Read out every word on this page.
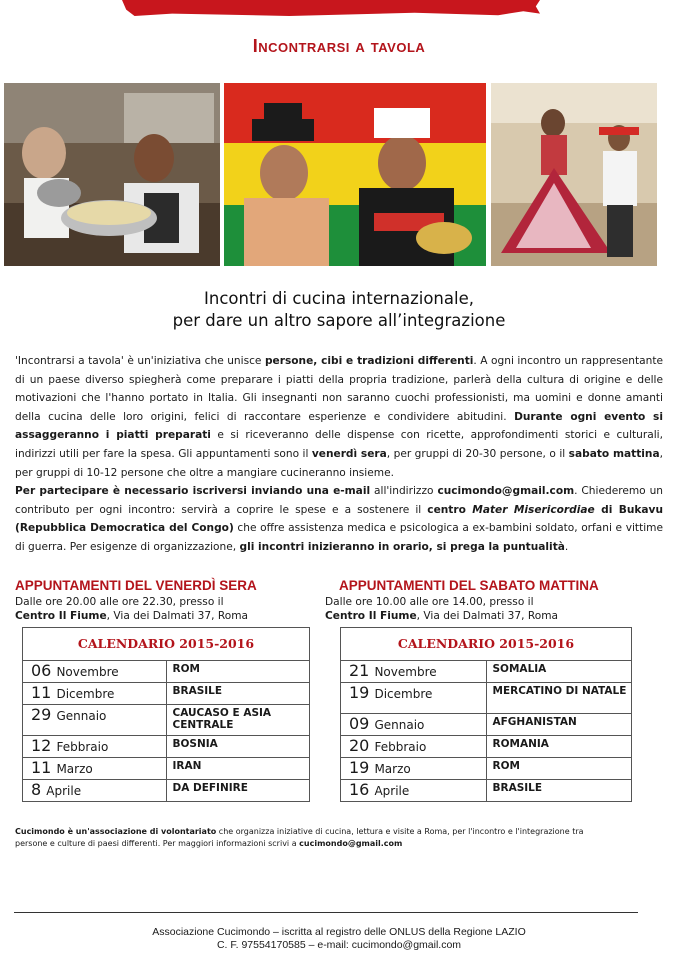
Incontrarsi a tavola
Incontri di cucina internazionale,
per dare un altro sapore all’integrazione

'Incontrarsi a tavola' è un'iniziativa che unisce persone, cibi e tradizioni differenti. A ogni incontro un rappresentante di un paese diverso spiegherà come preparare i piatti della propria tradizione, parlerà della cultura di origine e delle motivazioni che l'hanno portato in Italia. Gli insegnanti non saranno cuochi professionisti, ma uomini e donne amanti della cucina delle loro origini, felici di raccontare esperienze e condividere abitudini. Durante ogni evento si assaggeranno i piatti preparati e si riceveranno delle dispense con ricette, approfondimenti storici e culturali, indirizzi utili per fare la spesa. Gli appuntamenti sono il venerdì sera, per gruppi di 20-30 persone, o il sabato mattina, per gruppi di 10-12 persone che oltre a mangiare cucineranno insieme.

Per partecipare è necessario iscriversi inviando una e-mail all'indirizzo cucimondo@gmail.com. Chiederemo un contributo per ogni incontro: servirà a coprire le spese e a sostenere il centro Mater Misericordiae di Bukavu (Repubblica Democratica del Congo) che offre assistenza medica e psicologica a ex-bambini soldato, orfani e vittime di guerra. Per esigenze di organizzazione, gli incontri inizieranno in orario, si prega la puntualità.

APPUNTAMENTI DEL VENERDÌ SERA
Dalle ore 20.00 alle ore 22.30, presso il
Centro Il Fiume, Via dei Dalmati 37, Roma
CALENDARIO 2015-2016	

06 Novembre	ROM
11 Dicembre	BRASILE
29 Gennaio	CAUCASO E ASIA CENTRALE
12 Febbraio	BOSNIA
11 Marzo	IRAN
8 Aprile	DA DEFINIRE
APPUNTAMENTI DEL SABATO MATTINA
Dalle ore 10.00 alle ore 14.00, presso il
Centro Il Fiume, Via dei Dalmati 37, Roma
CALENDARIO 2015-2016	

21 Novembre	SOMALIA
19 Dicembre	MERCATINO DI NATALE
09 Gennaio	AFGHANISTAN
20 Febbraio	ROMANIA
19 Marzo	ROM
16 Aprile	BRASILE
Cucimondo è un'associazione di volontariato che organizza iniziative di cucina, lettura e visite a Roma, per l'incontro e l'integrazione tra persone e culture di paesi differenti. Per maggiori informazioni scrivi a cucimondo@gmail.com
Associazione Cucimondo – iscritta al registro delle ONLUS della Regione LAZIO
C. F. 97554170585 – e-mail: cucimondo@gmail.com
